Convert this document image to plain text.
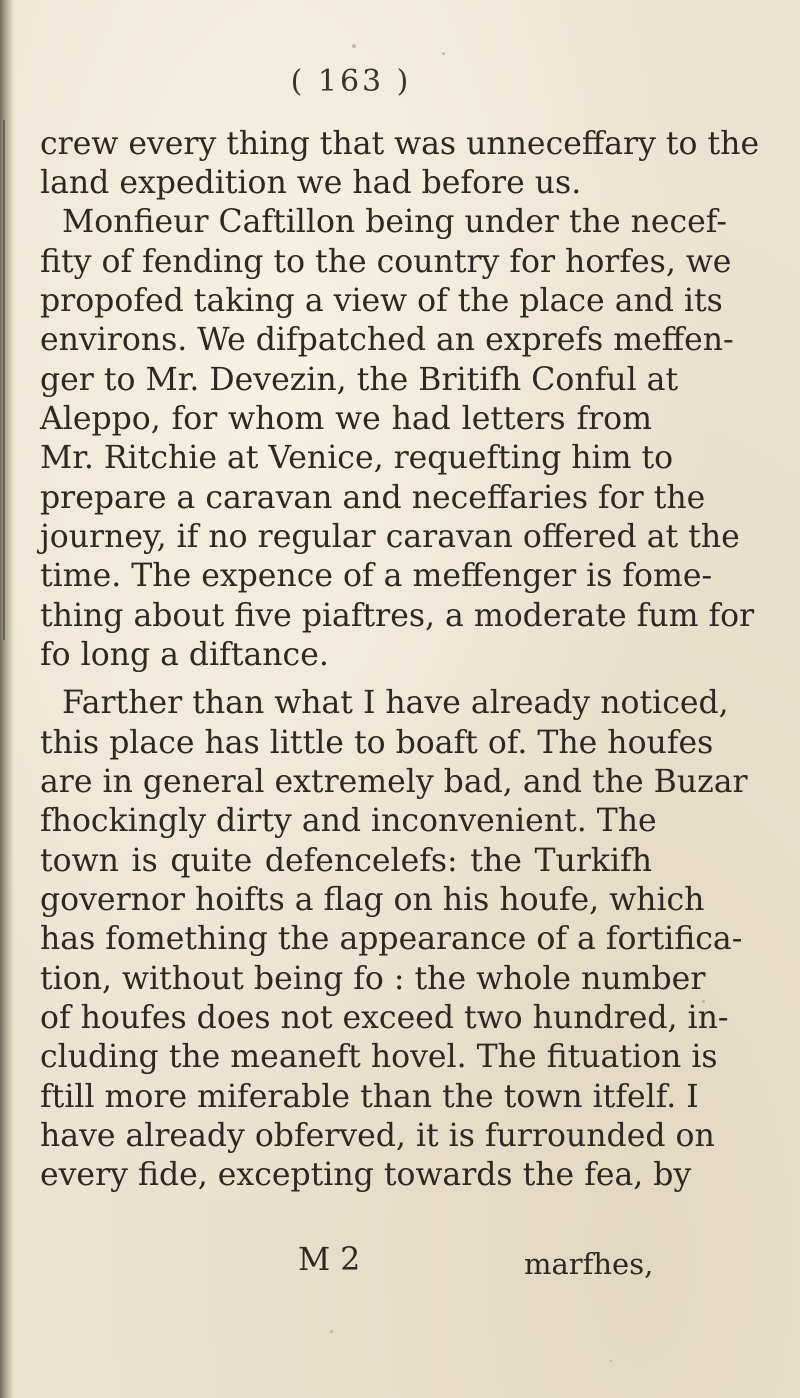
( 163 )
crew every thing that was unneceffary to the
land expedition we had before us.
Monfieur Caftillon being under the necef-
fity of fending to the country for horfes, we
propofed taking a view of the place and its
environs. We difpatched an exprefs meffen-
ger to Mr. Devezin, the Britifh Conful at
Aleppo, for whom we had letters from
Mr. Ritchie at Venice, requefting him to
prepare a caravan and neceffaries for the
journey, if no regular caravan offered at the
time. The expence of a meffenger is fome-
thing about five piaftres, a moderate fum for
fo long a diftance.
Farther than what I have already noticed,
this place has little to boaft of. The houfes
are in general extremely bad, and the Buzar
fhockingly dirty and inconvenient. The
town is quite defencelefs: the Turkifh
governor hoifts a flag on his houfe, which
has fomething the appearance of a fortifica-
tion, without being fo : the whole number
of houfes does not exceed two hundred, in-
cluding the meaneft hovel. The fituation is
ftill more miferable than the town itfelf. I
have already obferved, it is furrounded on
every fide, excepting towards the fea, by
M 2	marfhes,
